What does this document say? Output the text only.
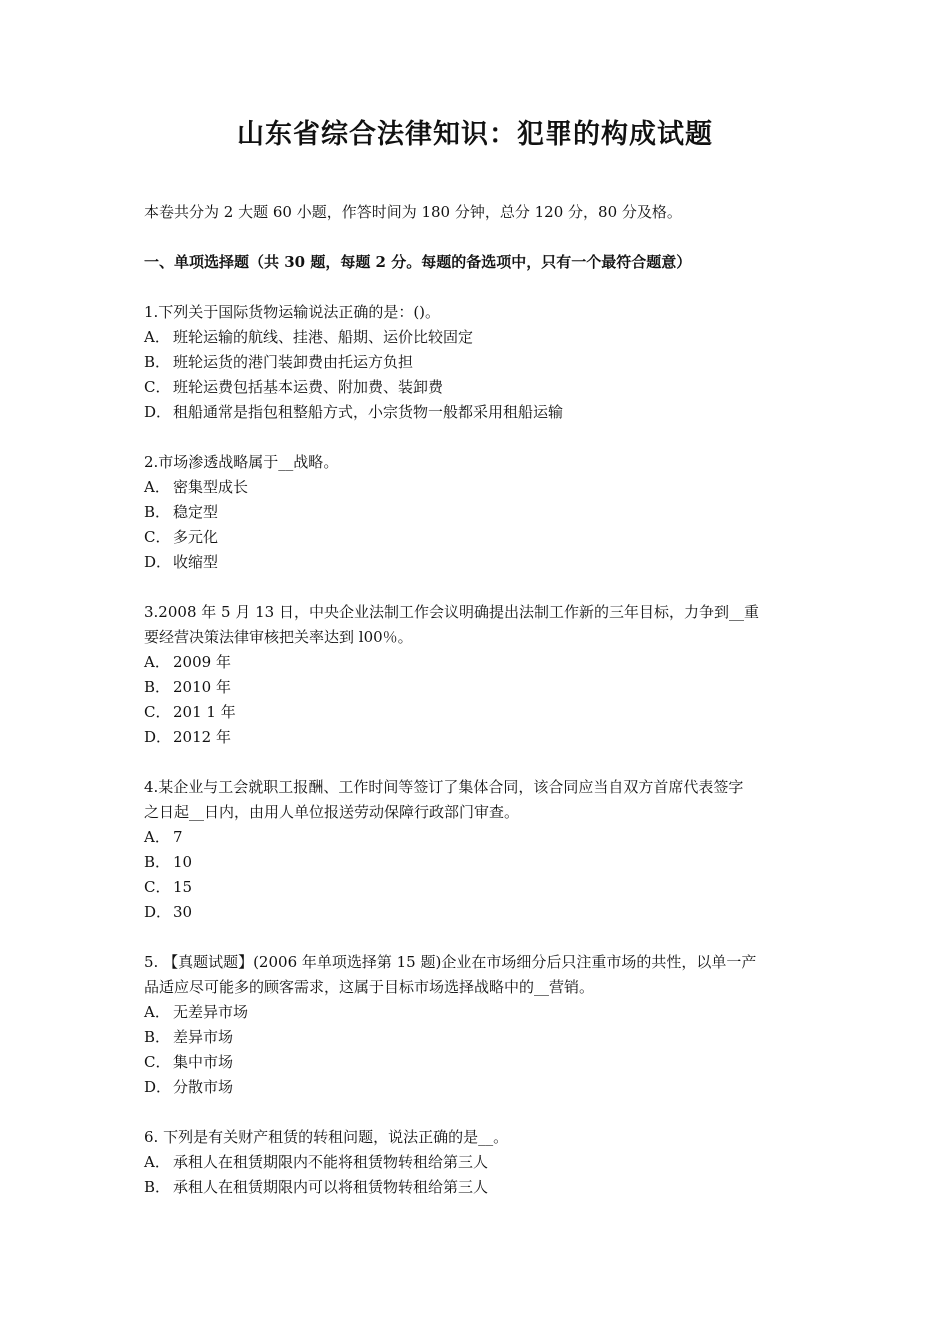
山东省综合法律知识：犯罪的构成试题

本卷共分为 2 大题 60 小题，作答时间为 180 分钟，总分 120 分，80 分及格。

一、单项选择题（共 30 题，每题 2 分。每题的备选项中，只有一个最符合题意）

1.下列关于国际货物运输说法正确的是：()。

A． 班轮运输的航线、挂港、船期、运价比较固定

B． 班轮运货的港门装卸费由托运方负担

C． 班轮运费包括基本运费、附加费、装卸费

D． 租船通常是指包租整船方式，小宗货物一般都采用租船运输

2.市场渗透战略属于__战略。

A． 密集型成长

B． 稳定型

C． 多元化

D． 收缩型

3.2008 年 5 月 13 日，中央企业法制工作会议明确提出法制工作新的三年目标，力争到__重

要经营决策法律审核把关率达到 l00％。

A． 2009 年

B． 2010 年

C． 201 1 年

D． 2012 年

4.某企业与工会就职工报酬、工作时间等签订了集体合同，该合同应当自双方首席代表签字

之日起__日内，由用人单位报送劳动保障行政部门审查。

A． 7

B． 10

C． 15

D． 30

5. 【真题试题】(2006 年单项选择第 15 题)企业在市场细分后只注重市场的共性，以单一产

品适应尽可能多的顾客需求，这属于目标市场选择战略中的__营销。

A． 无差异市场

B． 差异市场

C． 集中市场

D． 分散市场

6. 下列是有关财产租赁的转租问题，说法正确的是__。

A． 承租人在租赁期限内不能将租赁物转租给第三人

B． 承租人在租赁期限内可以将租赁物转租给第三人
